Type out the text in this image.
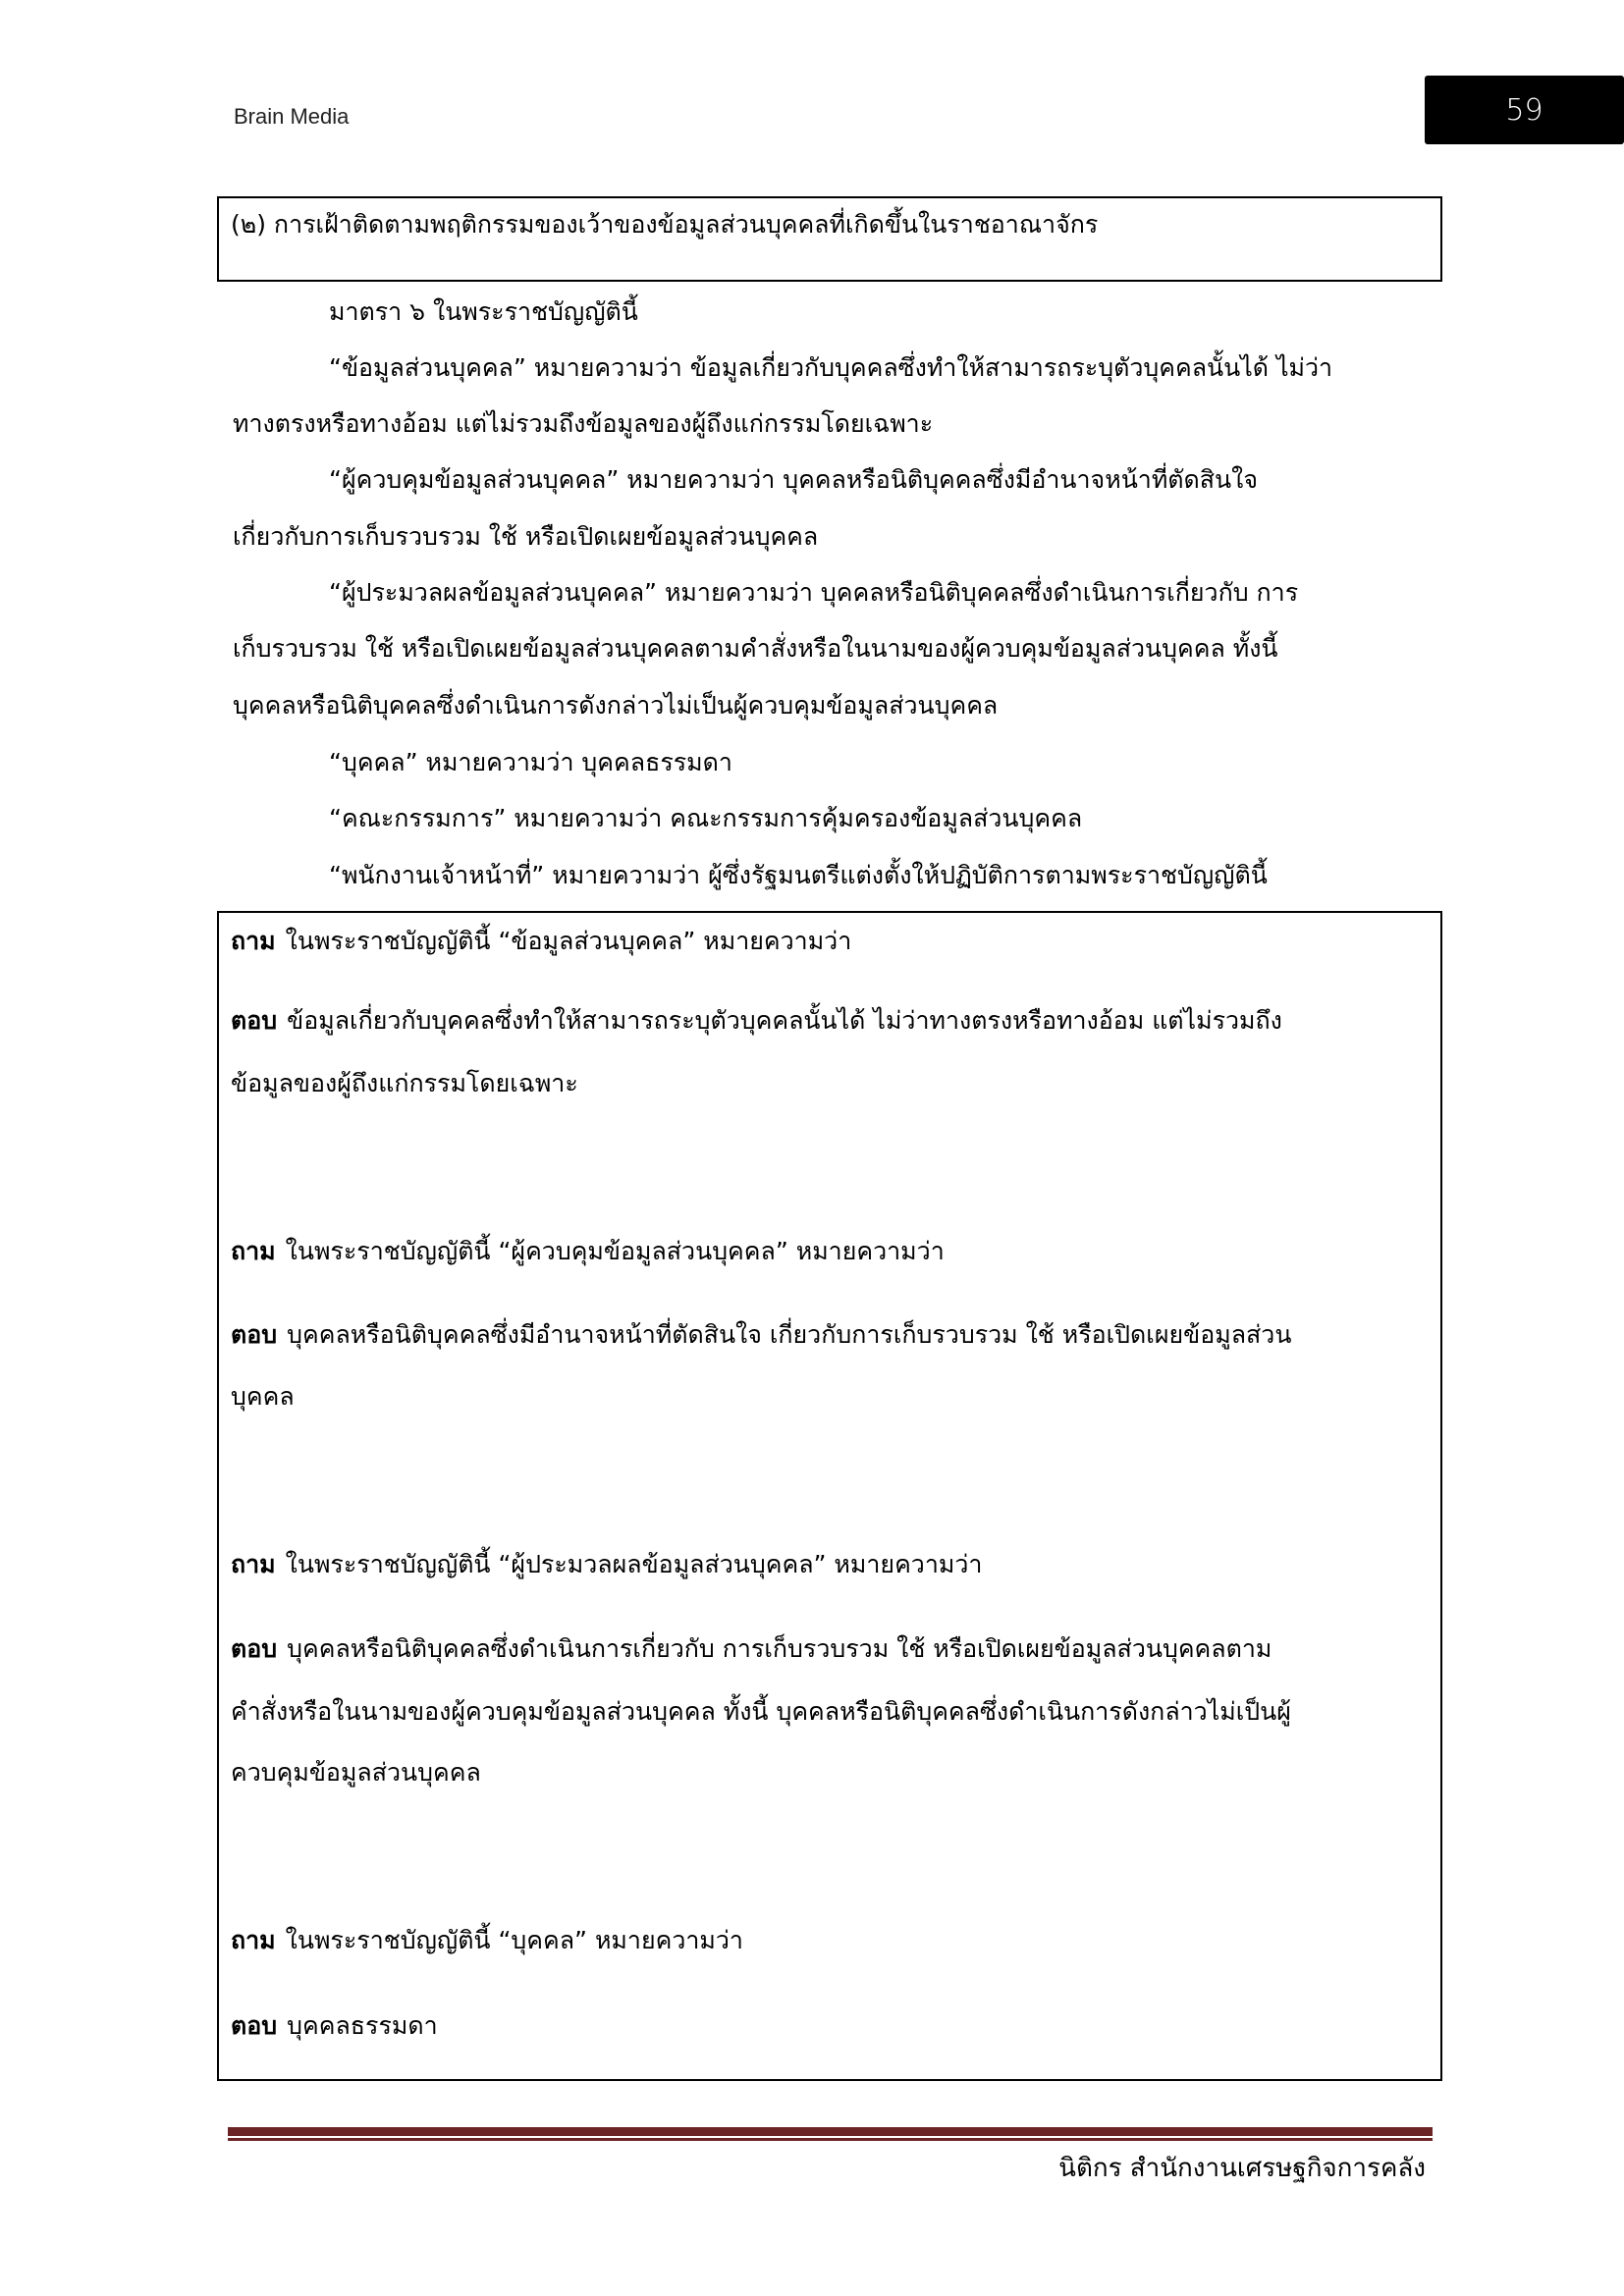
Brain Media	59
(๒) การเฝ้าติดตามพฤติกรรมของเว้าของข้อมูลส่วนบุคคลที่เกิดขึ้นในราชอาณาจักร
มาตรา ๖ ในพระราชบัญญัตินี้
“ข้อมูลส่วนบุคคล” หมายความว่า ข้อมูลเกี่ยวกับบุคคลซึ่งทำให้สามารถระบุตัวบุคคลนั้นได้ ไม่ว่า
ทางตรงหรือทางอ้อม แต่ไม่รวมถึงข้อมูลของผู้ถึงแก่กรรมโดยเฉพาะ
“ผู้ควบคุมข้อมูลส่วนบุคคล” หมายความว่า บุคคลหรือนิติบุคคลซึ่งมีอำนาจหน้าที่ตัดสินใจ
เกี่ยวกับการเก็บรวบรวม ใช้ หรือเปิดเผยข้อมูลส่วนบุคคล
“ผู้ประมวลผลข้อมูลส่วนบุคคล” หมายความว่า บุคคลหรือนิติบุคคลซึ่งดำเนินการเกี่ยวกับ การ
เก็บรวบรวม ใช้ หรือเปิดเผยข้อมูลส่วนบุคคลตามคำสั่งหรือในนามของผู้ควบคุมข้อมูลส่วนบุคคล ทั้งนี้
บุคคลหรือนิติบุคคลซึ่งดำเนินการดังกล่าวไม่เป็นผู้ควบคุมข้อมูลส่วนบุคคล
“บุคคล” หมายความว่า บุคคลธรรมดา
“คณะกรรมการ” หมายความว่า คณะกรรมการคุ้มครองข้อมูลส่วนบุคคล
“พนักงานเจ้าหน้าที่” หมายความว่า ผู้ซึ่งรัฐมนตรีแต่งตั้งให้ปฏิบัติการตามพระราชบัญญัตินี้
ถาม ในพระราชบัญญัตินี้ “ข้อมูลส่วนบุคคล” หมายความว่า
ตอบ ข้อมูลเกี่ยวกับบุคคลซึ่งทำให้สามารถระบุตัวบุคคลนั้นได้ ไม่ว่าทางตรงหรือทางอ้อม แต่ไม่รวมถึง
ข้อมูลของผู้ถึงแก่กรรมโดยเฉพาะ
ถาม ในพระราชบัญญัตินี้ “ผู้ควบคุมข้อมูลส่วนบุคคล” หมายความว่า
ตอบ บุคคลหรือนิติบุคคลซึ่งมีอำนาจหน้าที่ตัดสินใจ เกี่ยวกับการเก็บรวบรวม ใช้ หรือเปิดเผยข้อมูลส่วน
บุคคล
ถาม ในพระราชบัญญัตินี้ “ผู้ประมวลผลข้อมูลส่วนบุคคล” หมายความว่า
ตอบ บุคคลหรือนิติบุคคลซึ่งดำเนินการเกี่ยวกับ การเก็บรวบรวม ใช้ หรือเปิดเผยข้อมูลส่วนบุคคลตาม
คำสั่งหรือในนามของผู้ควบคุมข้อมูลส่วนบุคคล ทั้งนี้ บุคคลหรือนิติบุคคลซึ่งดำเนินการดังกล่าวไม่เป็นผู้
ควบคุมข้อมูลส่วนบุคคล
ถาม ในพระราชบัญญัตินี้ “บุคคล” หมายความว่า
ตอบ บุคคลธรรมดา
นิติกร สำนักงานเศรษฐกิจการคลัง
